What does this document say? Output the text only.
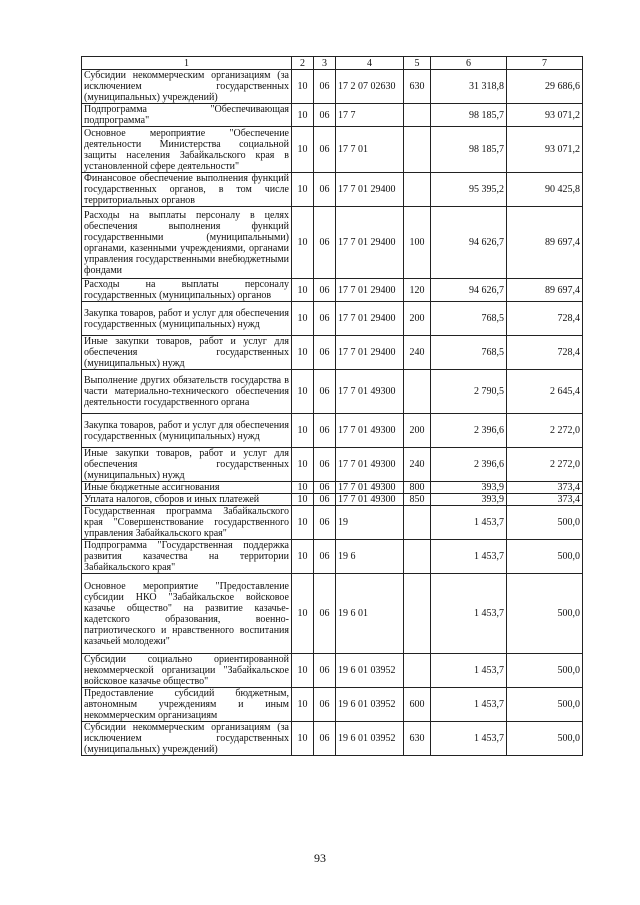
1	2	3	4	5	6	7
Субсидии некоммерческим организациям (за исключением государственных (муниципальных) учреждений)	10	06	17 2 07 02630	630	31 318,8	29 686,6
Подпрограмма "Обеспечивающая подпрограмма"	10	06	17 7		98 185,7	93 071,2
Основное мероприятие "Обеспечение деятельности Министерства социальной защиты населения Забайкальского края в установленной сфере деятельности"	10	06	17 7 01		98 185,7	93 071,2
Финансовое обеспечение выполнения функций государственных органов, в том числе территориальных органов	10	06	17 7 01 29400		95 395,2	90 425,8
Расходы на выплаты персоналу в целях обеспечения выполнения функций государственными (муниципальными) органами, казенными учреждениями, органами управления государственными внебюджетными фондами	10	06	17 7 01 29400	100	94 626,7	89 697,4
Расходы на выплаты персоналу государственных (муниципальных) органов	10	06	17 7 01 29400	120	94 626,7	89 697,4
Закупка товаров, работ и услуг для обеспечения государственных (муниципальных) нужд	10	06	17 7 01 29400	200	768,5	728,4
Иные закупки товаров, работ и услуг для обеспечения государственных (муниципальных) нужд	10	06	17 7 01 29400	240	768,5	728,4
Выполнение других обязательств государства в части материально-технического обеспечения деятельности государственного органа	10	06	17 7 01 49300		2 790,5	2 645,4
Закупка товаров, работ и услуг для обеспечения государственных (муниципальных) нужд	10	06	17 7 01 49300	200	2 396,6	2 272,0
Иные закупки товаров, работ и услуг для обеспечения государственных (муниципальных) нужд	10	06	17 7 01 49300	240	2 396,6	2 272,0
Иные бюджетные ассигнования	10	06	17 7 01 49300	800	393,9	373,4
Уплата налогов, сборов и иных платежей	10	06	17 7 01 49300	850	393,9	373,4
Государственная программа Забайкальского края "Совершенствование государственного управления Забайкальского края"	10	06	19		1 453,7	500,0
Подпрограмма "Государственная поддержка развития казачества на территории Забайкальского края"	10	06	19 6		1 453,7	500,0
Основное мероприятие "Предоставление субсидии НКО "Забайкальское войсковое казачье общество" на развитие казачье-кадетского образования, военно-патриотического и нравственного воспитания казачьей молодежи"	10	06	19 6 01		1 453,7	500,0
Субсидии социально ориентированной некоммерческой организации "Забайкальское войсковое казачье общество"	10	06	19 6 01 03952		1 453,7	500,0
Предоставление субсидий бюджетным, автономным учреждениям и иным некоммерческим организациям	10	06	19 6 01 03952	600	1 453,7	500,0
Субсидии некоммерческим организациям (за исключением государственных (муниципальных) учреждений)	10	06	19 6 01 03952	630	1 453,7	500,0
93
